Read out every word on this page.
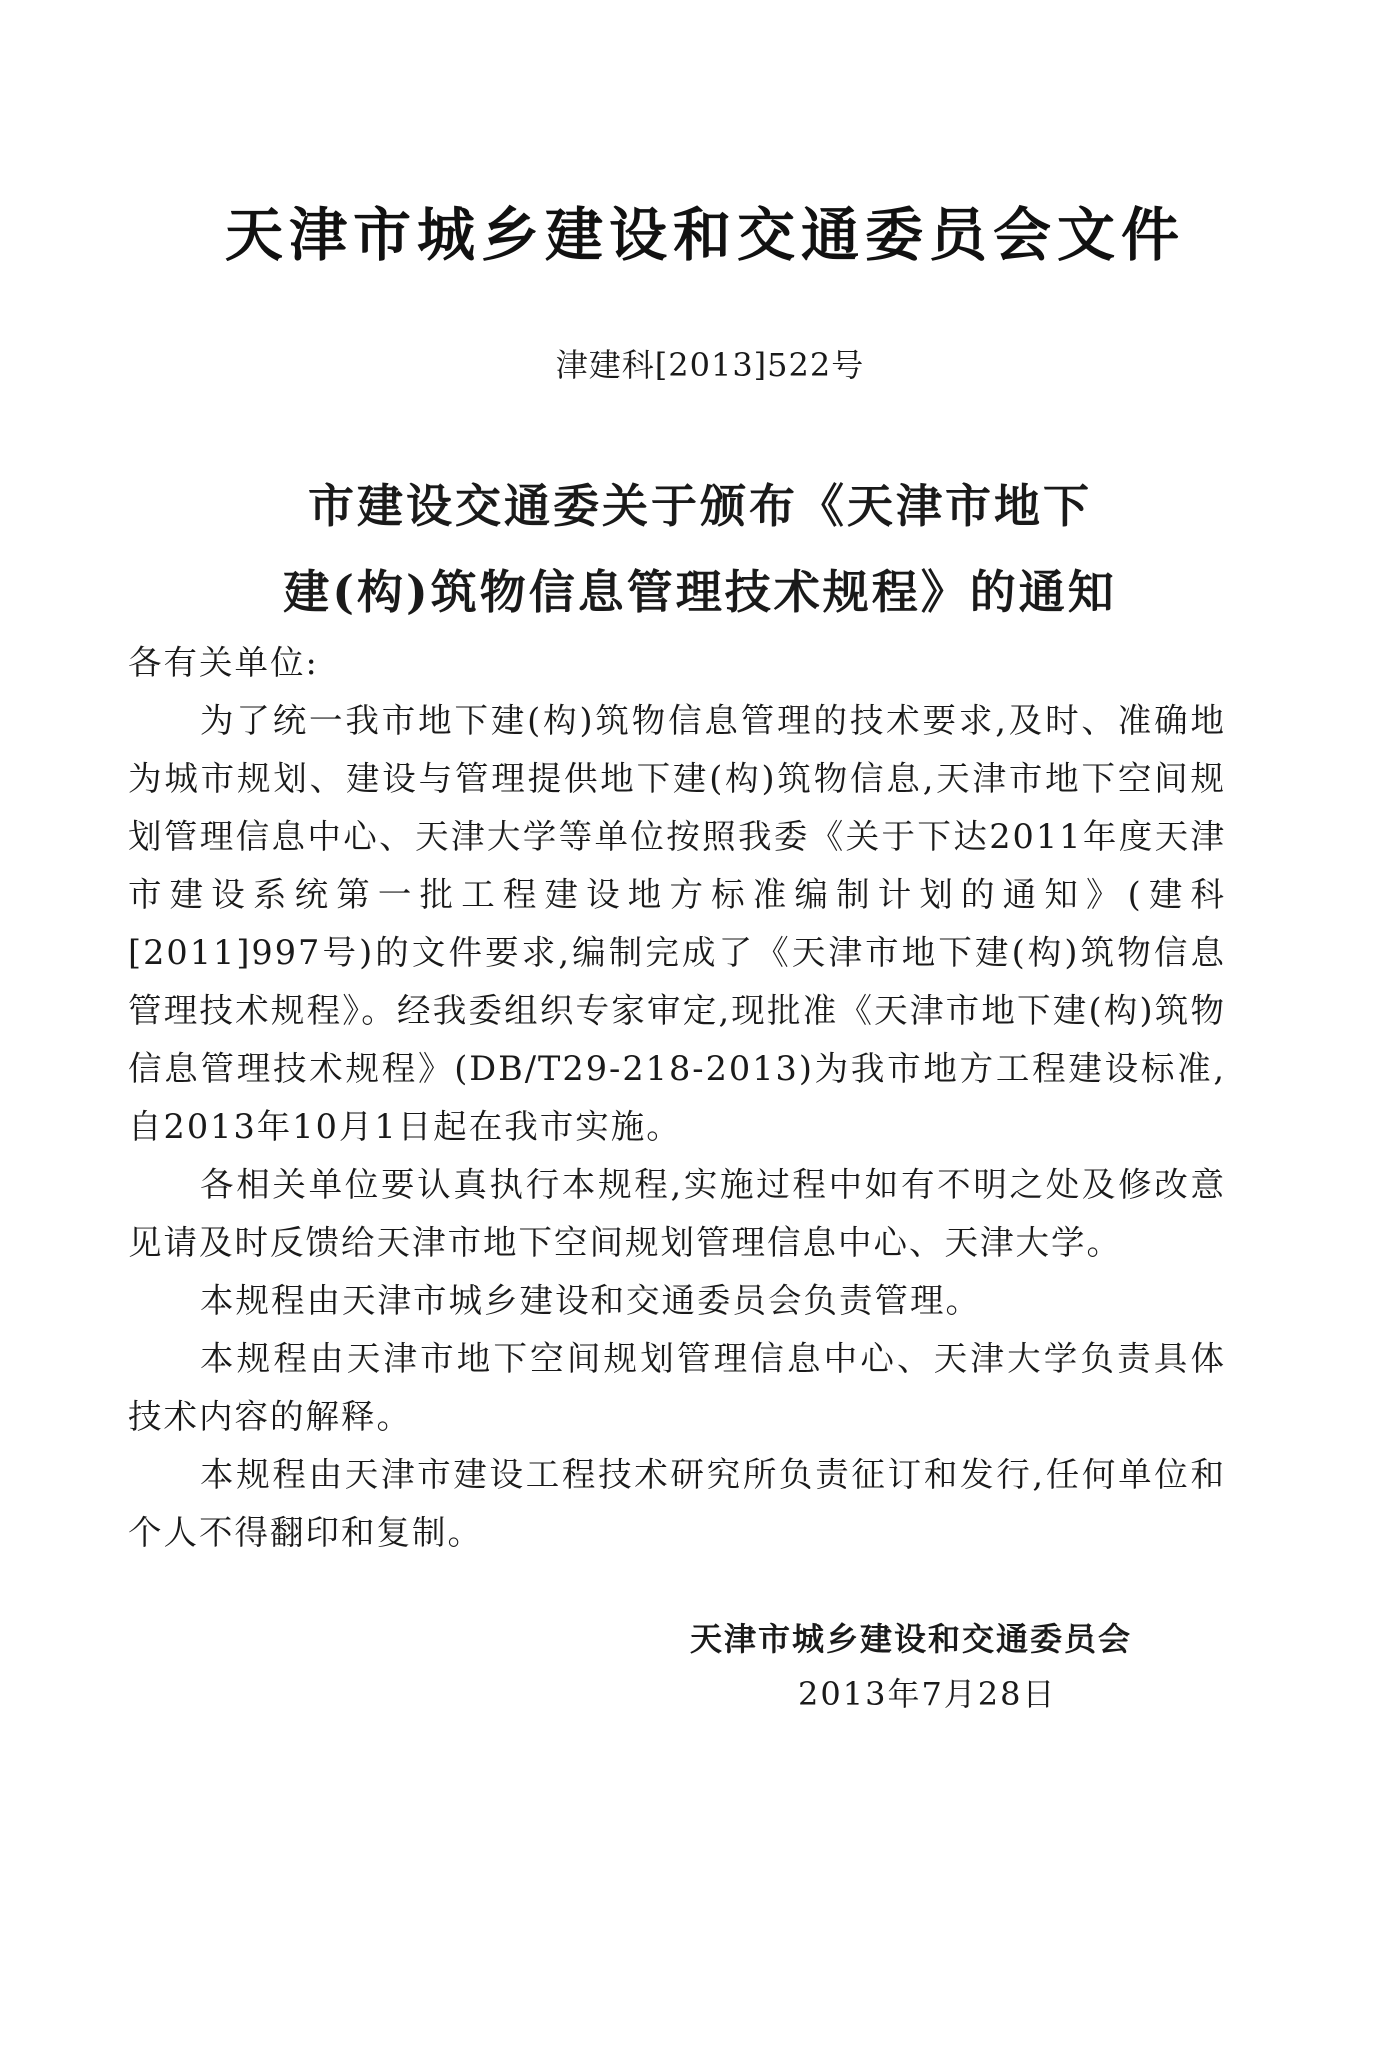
天津市城乡建设和交通委员会文件
津建科[2013]522号
市建设交通委关于颁布《天津市地下
建(构)筑物信息管理技术规程》的通知

各有关单位:

为了统一我市地下建(构)筑物信息管理的技术要求,及时、准确地为城市规划、建设与管理提供地下建(构)筑物信息,天津市地下空间规划管理信息中心、天津大学等单位按照我委《关于下达2011年度天津市建设系统第一批工程建设地方标准编制计划的通知》(建科[2011]997号)的文件要求,编制完成了《天津市地下建(构)筑物信息管理技术规程》。经我委组织专家审定,现批准《天津市地下建(构)筑物信息管理技术规程》(DB/T29-218-2013)为我市地方工程建设标准,自2013年10月1日起在我市实施。

各相关单位要认真执行本规程,实施过程中如有不明之处及修改意见请及时反馈给天津市地下空间规划管理信息中心、天津大学。

本规程由天津市城乡建设和交通委员会负责管理。

本规程由天津市地下空间规划管理信息中心、天津大学负责具体技术内容的解释。

本规程由天津市建设工程技术研究所负责征订和发行,任何单位和个人不得翻印和复制。

天津市城乡建设和交通委员会
2013年7月28日
